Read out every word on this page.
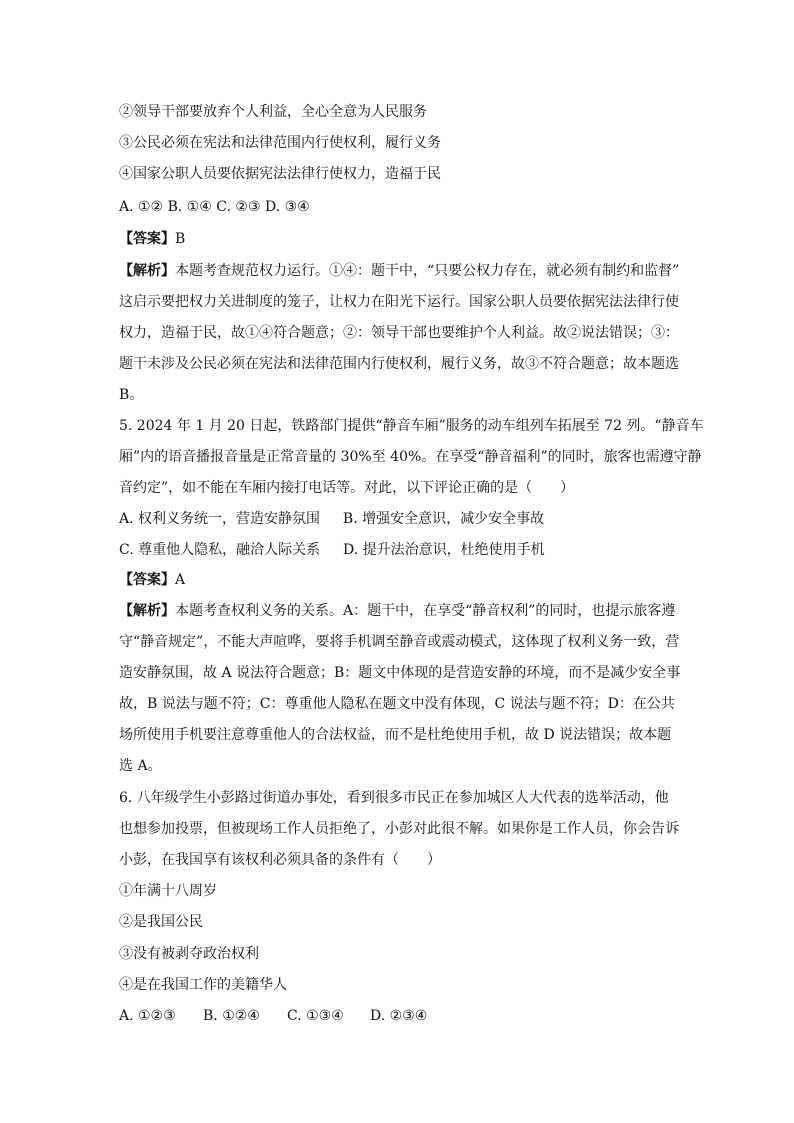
②领导干部要放弃个人利益，全心全意为人民服务
③公民必须在宪法和法律范围内行使权利，履行义务
④国家公职人员要依据宪法法律行使权力，造福于民
A. ①② B. ①④ C. ②③ D. ③④
【答案】B
【解析】本题考查规范权力运行。①④：题干中，“只要公权力存在，就必须有制约和监督”
这启示要把权力关进制度的笼子，让权力在阳光下运行。国家公职人员要依据宪法法律行使
权力，造福于民，故①④符合题意；②：领导干部也要维护个人利益。故②说法错误；③：
题干未涉及公民必须在宪法和法律范围内行使权利，履行义务，故③不符合题意；故本题选
B。
5. 2024 年 1 月 20 日起，铁路部门提供“静音车厢”服务的动车组列车拓展至 72 列。“静音车
厢”内的语音播报音量是正常音量的 30%至 40%。在享受“静音福利”的同时，旅客也需遵守静
音约定”，如不能在车厢内接打电话等。对此，以下评论正确的是（　　）
A. 权利义务统一，营造安静氛围 B. 增强安全意识，减少安全事故
C. 尊重他人隐私，融洽人际关系 D. 提升法治意识，杜绝使用手机
【答案】A
【解析】本题考查权利义务的关系。A：题干中，在享受“静音权利”的同时，也提示旅客遵
守“静音规定”，不能大声喧哗，要将手机调至静音或震动模式，这体现了权利义务一致，营
造安静氛围，故 A 说法符合题意；B：题文中体现的是营造安静的环境，而不是减少安全事
故，B 说法与题不符；C：尊重他人隐私在题文中没有体现，C 说法与题不符；D：在公共
场所使用手机要注意尊重他人的合法权益，而不是杜绝使用手机，故 D 说法错误；故本题
选 A。
6. 八年级学生小彭路过街道办事处，看到很多市民正在参加城区人大代表的选举活动，他
也想参加投票，但被现场工作人员拒绝了，小彭对此很不解。如果你是工作人员，你会告诉
小彭，在我国享有该权利必须具备的条件有（　　）
①年满十八周岁
②是我国公民
③没有被剥夺政治权利
④是在我国工作的美籍华人
A. ①②③ B. ①②④ C. ①③④ D. ②③④
